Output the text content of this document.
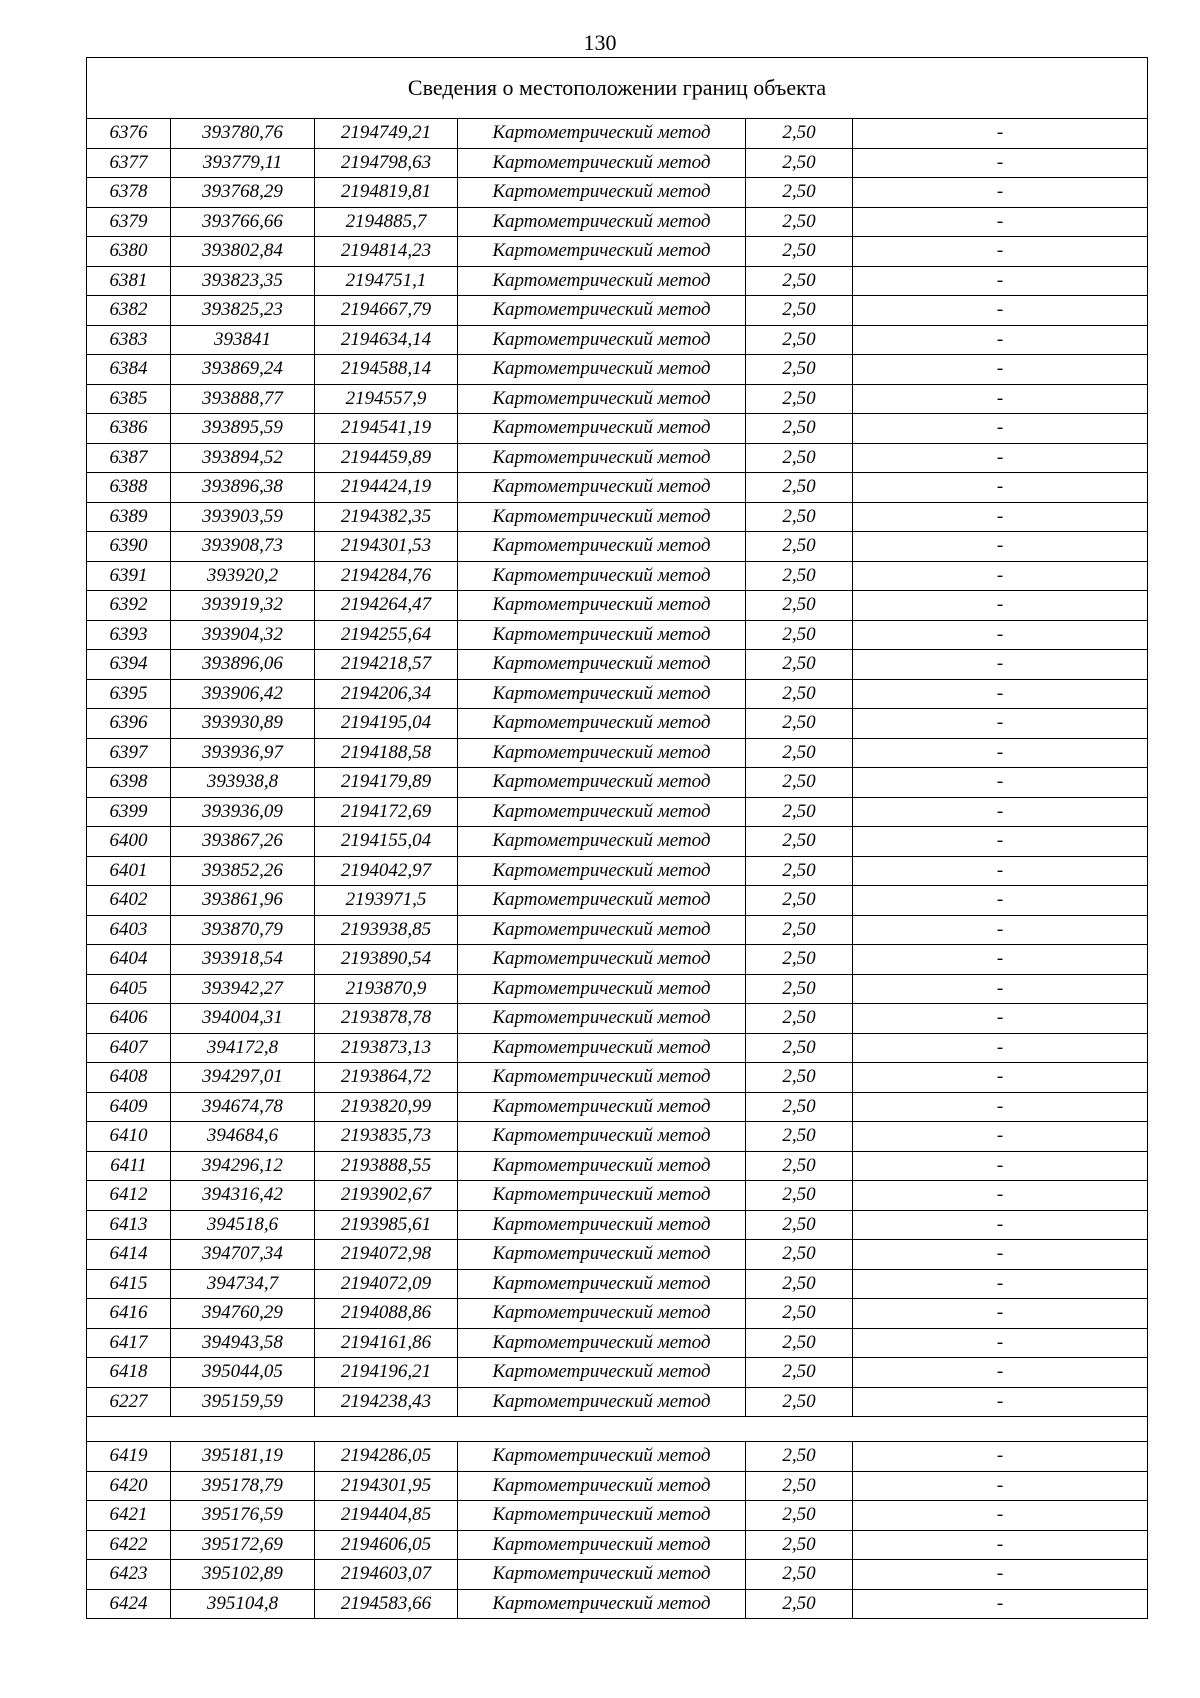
130
Сведения о местоположении границ объекта					
6376	393780,76	2194749,21	Картометрический метод	2,50	-
6377	393779,11	2194798,63	Картометрический метод	2,50	-
6378	393768,29	2194819,81	Картометрический метод	2,50	-
6379	393766,66	2194885,7	Картометрический метод	2,50	-
6380	393802,84	2194814,23	Картометрический метод	2,50	-
6381	393823,35	2194751,1	Картометрический метод	2,50	-
6382	393825,23	2194667,79	Картометрический метод	2,50	-
6383	393841	2194634,14	Картометрический метод	2,50	-
6384	393869,24	2194588,14	Картометрический метод	2,50	-
6385	393888,77	2194557,9	Картометрический метод	2,50	-
6386	393895,59	2194541,19	Картометрический метод	2,50	-
6387	393894,52	2194459,89	Картометрический метод	2,50	-
6388	393896,38	2194424,19	Картометрический метод	2,50	-
6389	393903,59	2194382,35	Картометрический метод	2,50	-
6390	393908,73	2194301,53	Картометрический метод	2,50	-
6391	393920,2	2194284,76	Картометрический метод	2,50	-
6392	393919,32	2194264,47	Картометрический метод	2,50	-
6393	393904,32	2194255,64	Картометрический метод	2,50	-
6394	393896,06	2194218,57	Картометрический метод	2,50	-
6395	393906,42	2194206,34	Картометрический метод	2,50	-
6396	393930,89	2194195,04	Картометрический метод	2,50	-
6397	393936,97	2194188,58	Картометрический метод	2,50	-
6398	393938,8	2194179,89	Картометрический метод	2,50	-
6399	393936,09	2194172,69	Картометрический метод	2,50	-
6400	393867,26	2194155,04	Картометрический метод	2,50	-
6401	393852,26	2194042,97	Картометрический метод	2,50	-
6402	393861,96	2193971,5	Картометрический метод	2,50	-
6403	393870,79	2193938,85	Картометрический метод	2,50	-
6404	393918,54	2193890,54	Картометрический метод	2,50	-
6405	393942,27	2193870,9	Картометрический метод	2,50	-
6406	394004,31	2193878,78	Картометрический метод	2,50	-
6407	394172,8	2193873,13	Картометрический метод	2,50	-
6408	394297,01	2193864,72	Картометрический метод	2,50	-
6409	394674,78	2193820,99	Картометрический метод	2,50	-
6410	394684,6	2193835,73	Картометрический метод	2,50	-
6411	394296,12	2193888,55	Картометрический метод	2,50	-
6412	394316,42	2193902,67	Картометрический метод	2,50	-
6413	394518,6	2193985,61	Картометрический метод	2,50	-
6414	394707,34	2194072,98	Картометрический метод	2,50	-
6415	394734,7	2194072,09	Картометрический метод	2,50	-
6416	394760,29	2194088,86	Картометрический метод	2,50	-
6417	394943,58	2194161,86	Картометрический метод	2,50	-
6418	395044,05	2194196,21	Картометрический метод	2,50	-
6227	395159,59	2194238,43	Картометрический метод	2,50	-

6419	395181,19	2194286,05	Картометрический метод	2,50	-
6420	395178,79	2194301,95	Картометрический метод	2,50	-
6421	395176,59	2194404,85	Картометрический метод	2,50	-
6422	395172,69	2194606,05	Картометрический метод	2,50	-
6423	395102,89	2194603,07	Картометрический метод	2,50	-
6424	395104,8	2194583,66	Картометрический метод	2,50	-
